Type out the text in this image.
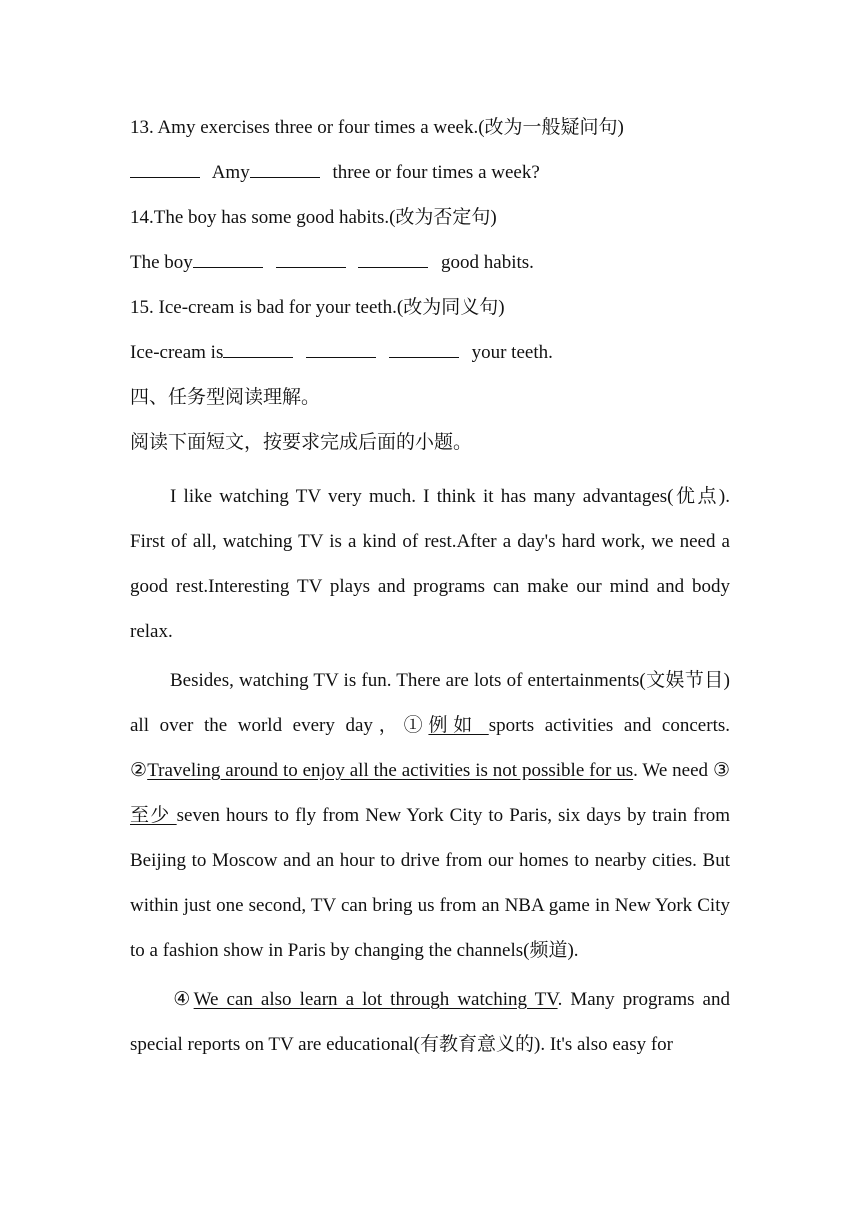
13. Amy exercises three or four times a week.(改为一般疑问句)
Amy	three or four times a week?
14.The boy has some good habits.(改为否定句)
The boy	good habits.
15. Ice-cream is bad for your teeth.(改为同义句)
Ice-cream is	your teeth.
四、任务型阅读理解。
阅读下面短文，按要求完成后面的小题。

I like watching TV very much. I think it has many advantages(优点). First of all, watching TV is a kind of rest.After a day's hard work, we need a good rest.Interesting TV plays and programs can make our mind and body relax.

Besides, watching TV is fun. There are lots of entertainments(文娱节目) all over the world every day，①例如 sports activities and concerts. ②Traveling around to enjoy all the activities is not possible for us. We need ③至少 seven hours to fly from New York City to Paris, six days by train from Beijing to Moscow and an hour to drive from our homes to nearby cities. But within just one second, TV can bring us from an NBA game in New York City to a fashion show in Paris by changing the channels(频道).

④We can also learn a lot through watching TV. Many programs and special reports on TV are educational(有教育意义的). It's also easy for
